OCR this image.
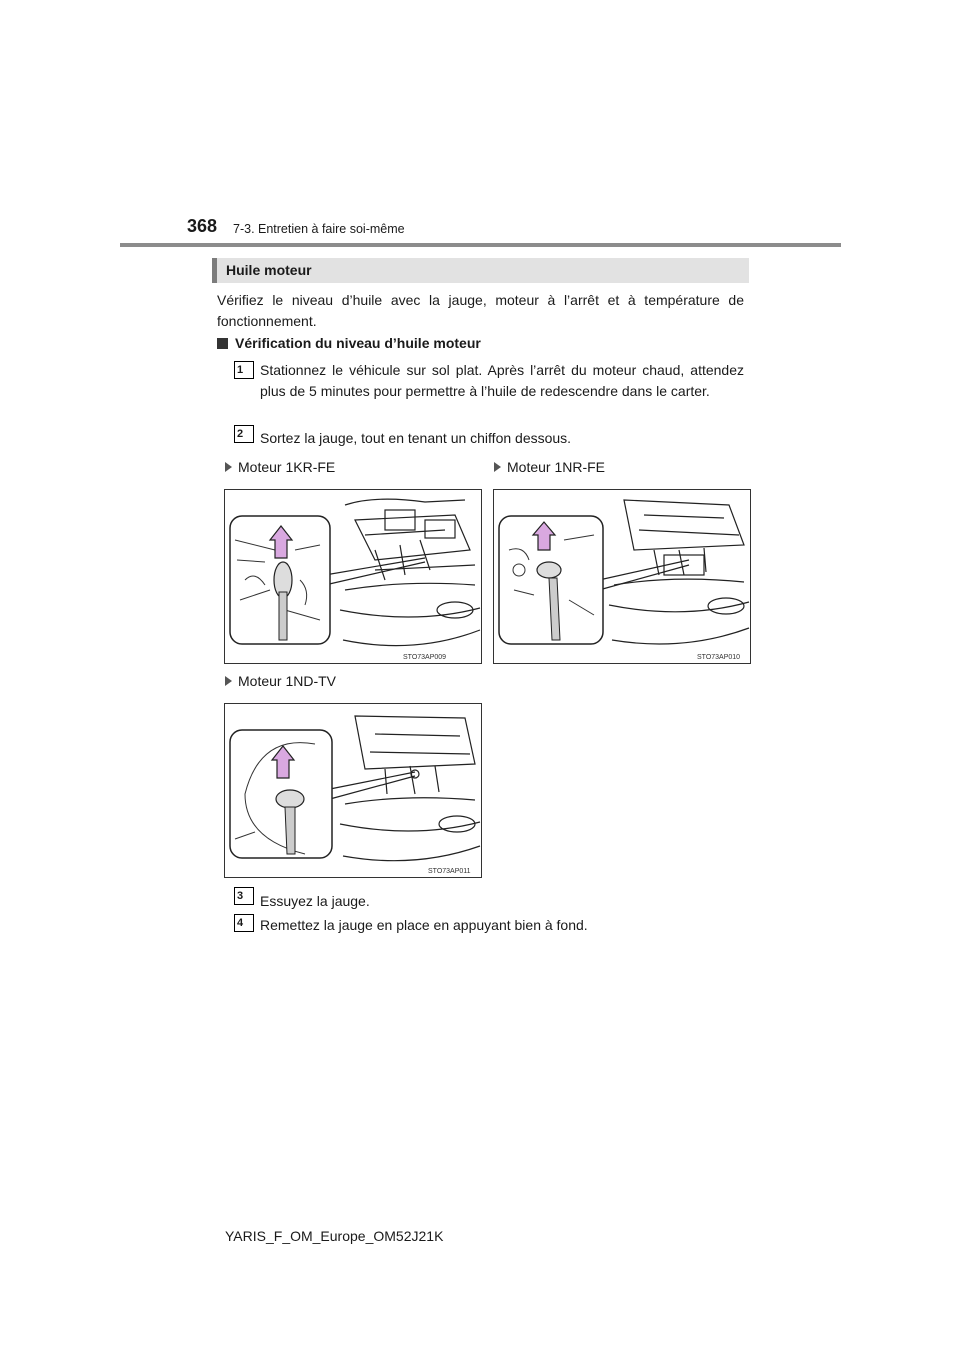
368 7-3. Entretien à faire soi-même
Huile moteur
Vérifiez le niveau d’huile avec la jauge, moteur à l’arrêt et à température de fonctionnement.
Vérification du niveau d’huile moteur
1	Stationnez le véhicule sur sol plat. Après l’arrêt du moteur chaud, attendez plus de 5 minutes pour permettre à l’huile de redescendre dans le carter.
2	Sortez la jauge, tout en tenant un chiffon dessous.
Moteur 1KR-FE	Moteur 1NR-FE
STO73AP009	STO73AP010
Moteur 1ND-TV
STO73AP011
3	Essuyez la jauge.
4	Remettez la jauge en place en appuyant bien à fond.
YARIS_F_OM_Europe_OM52J21K
